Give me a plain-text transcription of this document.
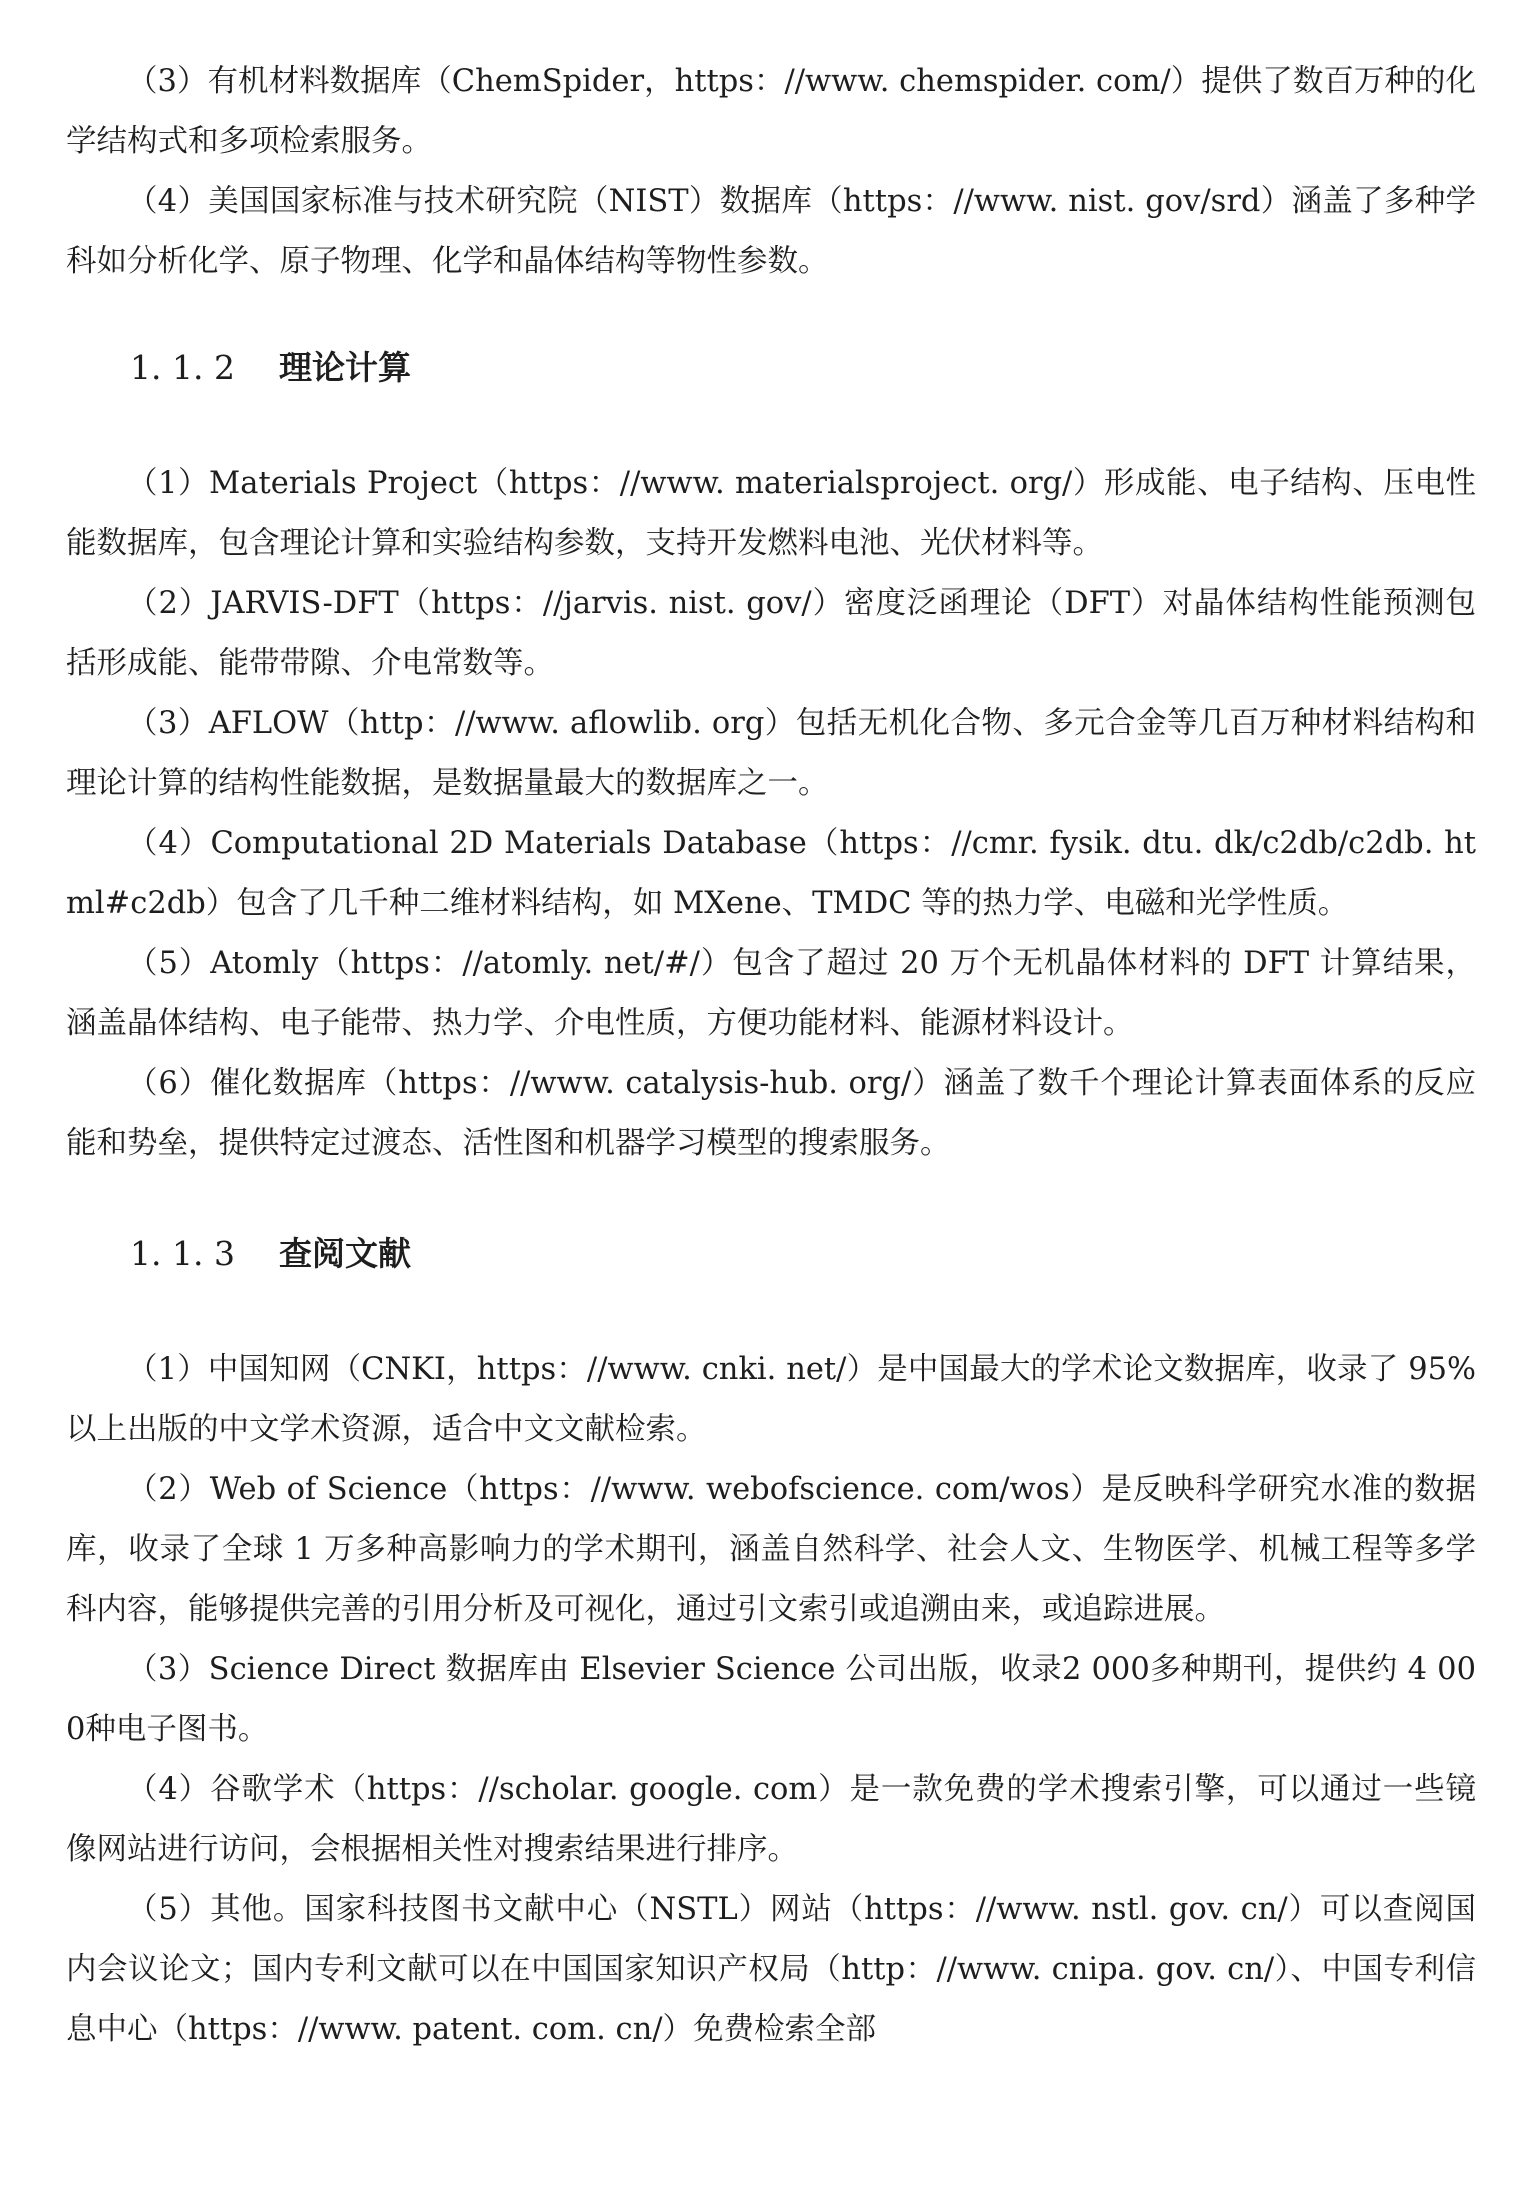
（3）有机材料数据库（ChemSpider，https：//www. chemspider. com/）提供了数百万种的化学结构式和多项检索服务。

（4）美国国家标准与技术研究院（NIST）数据库（https：//www. nist. gov/srd）涵盖了多种学科如分析化学、原子物理、化学和晶体结构等物性参数。

1. 1. 2 理论计算

（1）Materials Project（https：//www. materialsproject. org/）形成能、电子结构、压电性能数据库，包含理论计算和实验结构参数，支持开发燃料电池、光伏材料等。

（2）JARVIS-DFT（https：//jarvis. nist. gov/）密度泛函理论（DFT）对晶体结构性能预测包括形成能、能带带隙、介电常数等。

（3）AFLOW（http：//www. aflowlib. org）包括无机化合物、多元合金等几百万种材料结构和理论计算的结构性能数据，是数据量最大的数据库之一。

（4）Computational 2D Materials Database（https：//cmr. fysik. dtu. dk/c2db/c2db. html#c2db）包含了几千种二维材料结构，如 MXene、TMDC 等的热力学、电磁和光学性质。

（5）Atomly（https：//atomly. net/#/）包含了超过 20 万个无机晶体材料的 DFT 计算结果，涵盖晶体结构、电子能带、热力学、介电性质，方便功能材料、能源材料设计。

（6）催化数据库（https：//www. catalysis-hub. org/）涵盖了数千个理论计算表面体系的反应能和势垒，提供特定过渡态、活性图和机器学习模型的搜索服务。

1. 1. 3 查阅文献

（1）中国知网（CNKI，https：//www. cnki. net/）是中国最大的学术论文数据库，收录了 95% 以上出版的中文学术资源，适合中文文献检索。

（2）Web of Science（https：//www. webofscience. com/wos）是反映科学研究水准的数据库，收录了全球 1 万多种高影响力的学术期刊，涵盖自然科学、社会人文、生物医学、机械工程等多学科内容，能够提供完善的引用分析及可视化，通过引文索引或追溯由来，或追踪进展。

（3）Science Direct 数据库由 Elsevier Science 公司出版，收录2 000多种期刊，提供约 4 000种电子图书。

（4）谷歌学术（https：//scholar. google. com）是一款免费的学术搜索引擎，可以通过一些镜像网站进行访问，会根据相关性对搜索结果进行排序。

（5）其他。国家科技图书文献中心（NSTL）网站（https：//www. nstl. gov. cn/）可以查阅国内会议论文；国内专利文献可以在中国国家知识产权局（http：//www. cnipa. gov. cn/）、中国专利信息中心（https：//www. patent. com. cn/）免费检索全部
